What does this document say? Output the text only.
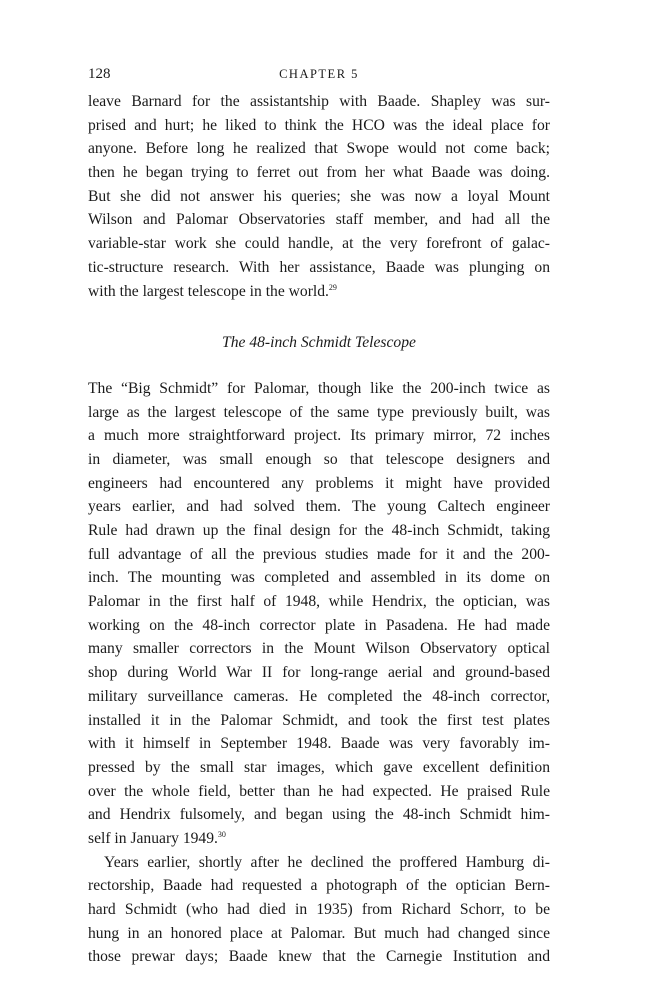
128	CHAPTER 5

leave Barnard for the assistantship with Baade. Shapley was sur-
prised and hurt; he liked to think the HCO was the ideal place for
anyone. Before long he realized that Swope would not come back;
then he began trying to ferret out from her what Baade was doing.
But she did not answer his queries; she was now a loyal Mount
Wilson and Palomar Observatories staff member, and had all the
variable-star work she could handle, at the very forefront of galac-
tic-structure research. With her assistance, Baade was plunging on
with the largest telescope in the world.$^{29}$

The 48-inch Schmidt Telescope

The “Big Schmidt” for Palomar, though like the 200-inch twice as
large as the largest telescope of the same type previously built, was
a much more straightforward project. Its primary mirror, 72 inches
in diameter, was small enough so that telescope designers and
engineers had encountered any problems it might have provided
years earlier, and had solved them. The young Caltech engineer
Rule had drawn up the final design for the 48-inch Schmidt, taking
full advantage of all the previous studies made for it and the 200-
inch. The mounting was completed and assembled in its dome on
Palomar in the first half of 1948, while Hendrix, the optician, was
working on the 48-inch corrector plate in Pasadena. He had made
many smaller correctors in the Mount Wilson Observatory optical
shop during World War II for long-range aerial and ground-based
military surveillance cameras. He completed the 48-inch corrector,
installed it in the Palomar Schmidt, and took the first test plates
with it himself in September 1948. Baade was very favorably im-
pressed by the small star images, which gave excellent definition
over the whole field, better than he had expected. He praised Rule
and Hendrix fulsomely, and began using the 48-inch Schmidt him-
self in January 1949.30

Years earlier, shortly after he declined the proffered Hamburg di-
rectorship, Baade had requested a photograph of the optician Bern-
hard Schmidt (who had died in 1935) from Richard Schorr, to be
hung in an honored place at Palomar. But much had changed since
those prewar days; Baade knew that the Carnegie Institution and
